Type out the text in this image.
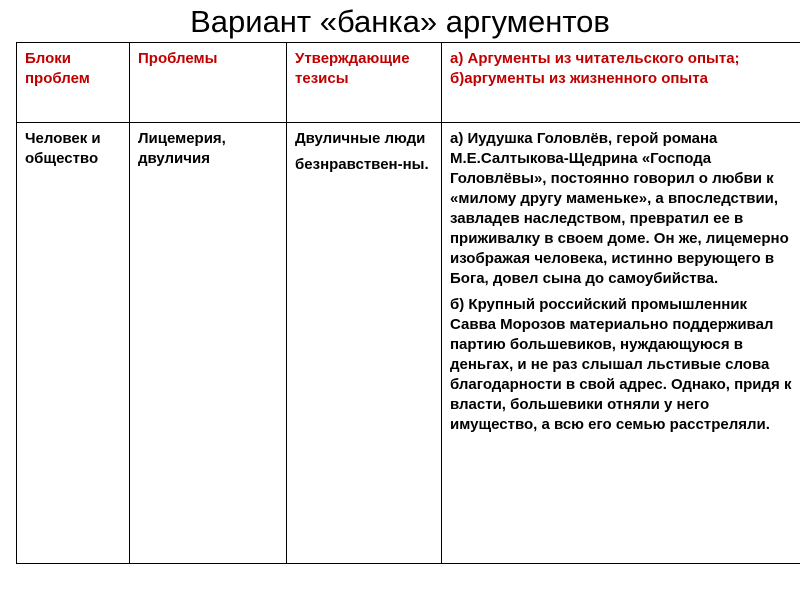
Вариант «банка» аргументов
Блоки проблем	Проблемы	Утверждающие тезисы	а) Аргументы из читательского опыта;
б)аргументы из жизненного опыта

Человек и общество	Лицемерия, двуличия	Двуличные люди
безнравствен-ны.	а) Иудушка Головлёв, герой романа М.Е.Салтыкова-Щедрина «Господа Головлёвы», постоянно говорил о любви к «милому другу маменьке», а впоследствии, завладев наследством, превратил ее в приживалку в своем доме. Он же, лицемерно изображая человека, истинно верующего в Бога, довел сына до самоубийства.
б) Крупный российский промышленник Савва Морозов материально поддерживал партию большевиков, нуждающуюся в деньгах, и не раз слышал льстивые слова благодарности в свой адрес. Однако, придя к власти, большевики отняли у него имущество, а всю его семью расстреляли.
